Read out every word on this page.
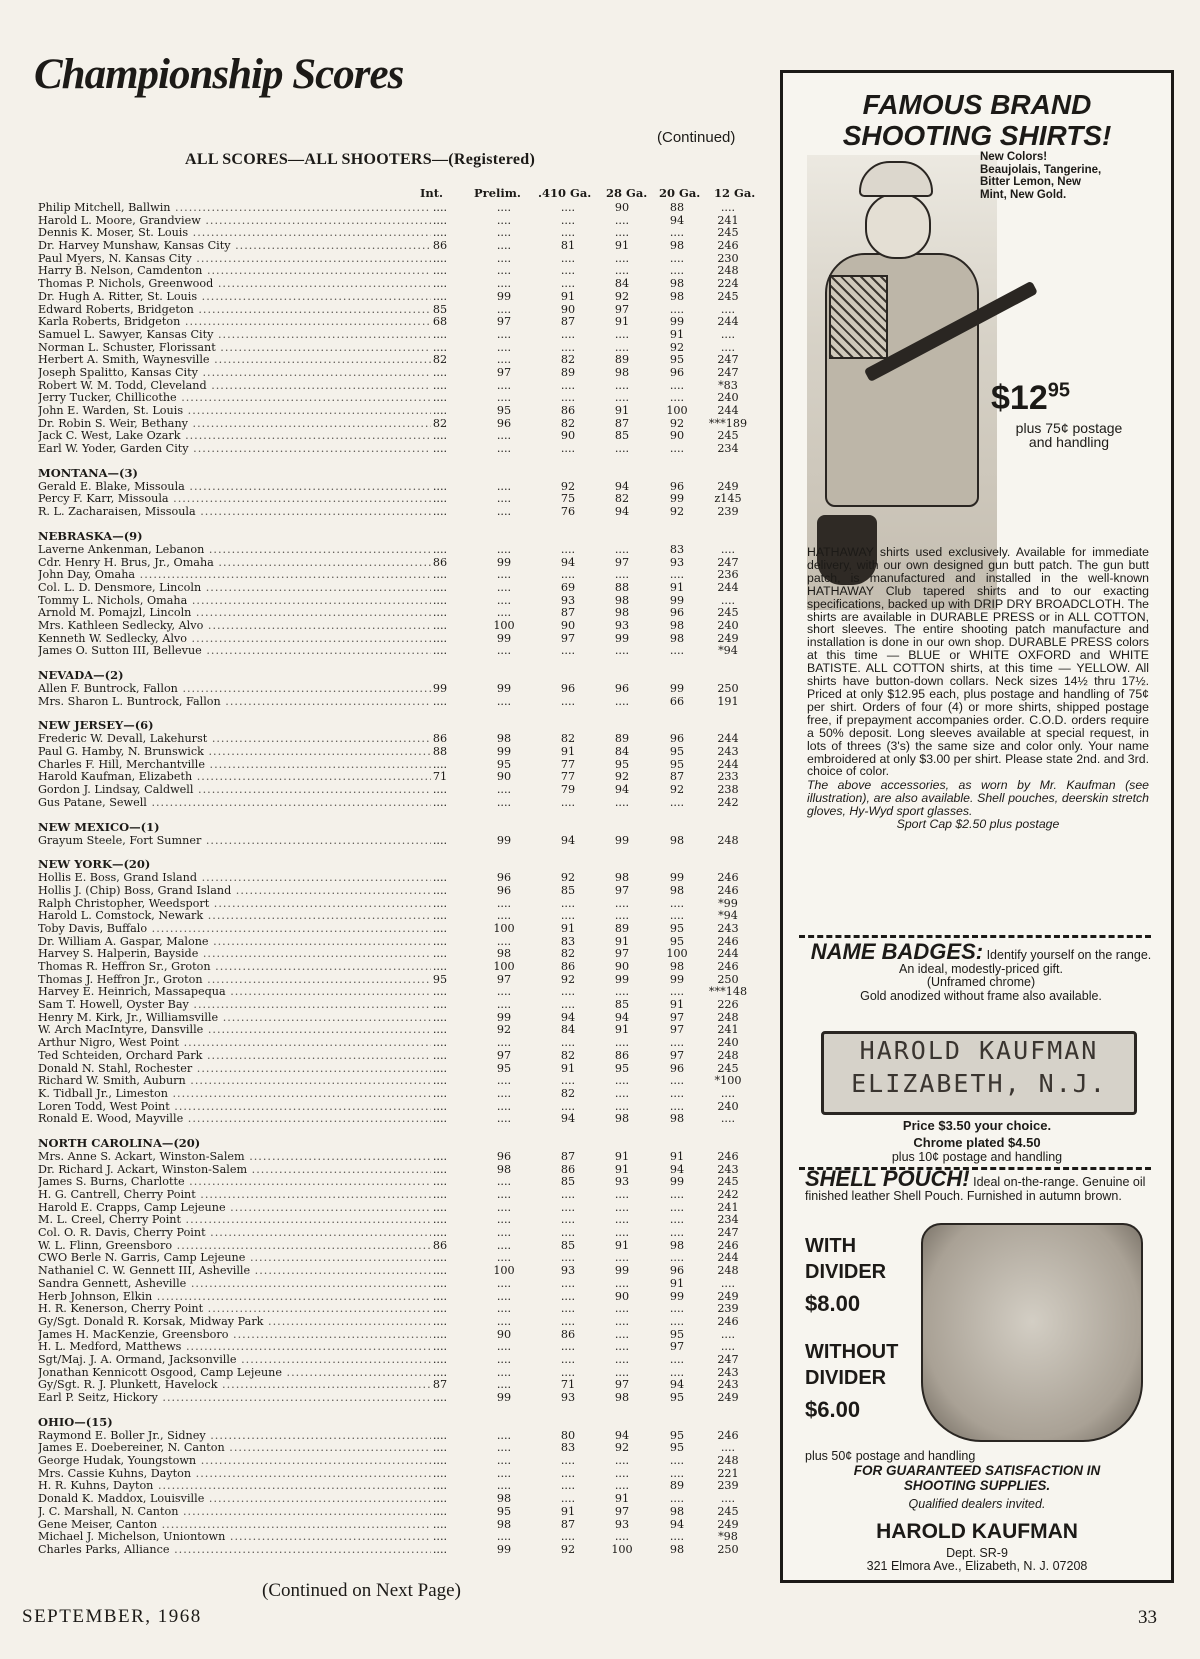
Championship Scores
(Continued)
ALL SCORES—ALL SHOOTERS—(Registered)
Int.	Prelim. .410 Ga. 28 Ga. 20 Ga. 12 Ga.
Philip Mitchell, Ballwin .....	....	....	....	90	88	....
Harold L. Moore, Grandview .....	....	....	....	....	94	241
Dennis K. Moser, St. Louis .....	....	....	....	....	....	245
Dr. Harvey Munshaw, Kansas City .....	86	....	81	91	98	246
Paul Myers, N. Kansas City .....	....	....	....	....	....	230
Harry B. Nelson, Camdenton .....	....	....	....	....	....	248
Thomas P. Nichols, Greenwood .....	....	....	....	84	98	224
Dr. Hugh A. Ritter, St. Louis .....	....	99	91	92	98	245
Edward Roberts, Bridgeton .....	85	....	90	97	....	....
Karla Roberts, Bridgeton .....	68	97	87	91	99	244
Samuel L. Sawyer, Kansas City .....	....	....	....	....	91	....
Norman L. Schuster, Florissant .....	....	....	....	....	92	....
Herbert A. Smith, Waynesville .....	82	....	82	89	95	247
Joseph Spalitto, Kansas City .....	....	97	89	98	96	247
Robert W. M. Todd, Cleveland .....	....	....	....	....	....	*83
Jerry Tucker, Chillicothe .....	....	....	....	....	....	240
John E. Warden, St. Louis .....	....	95	86	91	100	244
Dr. Robin S. Weir, Bethany .....	82	96	82	87	92	***189
Jack C. West, Lake Ozark .....	....	....	90	85	90	245
Earl W. Yoder, Garden City .....	....	....	....	....	....	234
MONTANA—(3)
Gerald E. Blake, Missoula .....	....	....	92	94	96	249
Percy F. Karr, Missoula .....	....	....	75	82	99	z145
R. L. Zacharaisen, Missoula .....	....	....	76	94	92	239
NEBRASKA—(9)
Laverne Ankenman, Lebanon .....	....	....	....	....	83	....
Cdr. Henry H. Brus, Jr., Omaha .....	86	99	94	97	93	247
John Day, Omaha .....	....	....	....	....	....	236
Col. L. D. Densmore, Lincoln .....	....	....	69	88	91	244
Tommy L. Nichols, Omaha .....	....	....	93	98	99	....
Arnold M. Pomajzl, Lincoln .....	....	....	87	98	96	245
Mrs. Kathleen Sedlecky, Alvo .....	....	100	90	93	98	240
Kenneth W. Sedlecky, Alvo .....	....	99	97	99	98	249
James O. Sutton III, Bellevue .....	....	....	....	....	....	*94
NEVADA—(2)
Allen F. Buntrock, Fallon .....	99	99	96	96	99	250
Mrs. Sharon L. Buntrock, Fallon .....	....	....	....	....	66	191
NEW JERSEY—(6)
Frederic W. Devall, Lakehurst .....	86	98	82	89	96	244
Paul G. Hamby, N. Brunswick .....	88	99	91	84	95	243
Charles F. Hill, Merchantville .....	....	95	77	95	95	244
Harold Kaufman, Elizabeth .....	71	90	77	92	87	233
Gordon J. Lindsay, Caldwell .....	....	....	79	94	92	238
Gus Patane, Sewell .....	....	....	....	....	....	242
NEW MEXICO—(1)
Grayum Steele, Fort Sumner .....	....	99	94	99	98	248
NEW YORK—(20)
Hollis E. Boss, Grand Island .....	....	96	92	98	99	246
Hollis J. (Chip) Boss, Grand Island .....	....	96	85	97	98	246
Ralph Christopher, Weedsport .....	....	....	....	....	....	*99
Harold L. Comstock, Newark .....	....	....	....	....	....	*94
Toby Davis, Buffalo .....	....	100	91	89	95	243
Dr. William A. Gaspar, Malone .....	....	....	83	91	95	246
Harvey S. Halperin, Bayside .....	....	98	82	97	100	244
Thomas R. Heffron Sr., Groton .....	....	100	86	90	98	246
Thomas J. Heffron Jr., Groton .....	95	97	92	99	99	250
Harvey E. Heinrich, Massapequa .....	....	....	....	....	....	***148
Sam T. Howell, Oyster Bay .....	....	....	....	85	91	226
Henry M. Kirk, Jr., Williamsville .....	....	99	94	94	97	248
W. Arch MacIntyre, Dansville .....	....	92	84	91	97	241
Arthur Nigro, West Point .....	....	....	....	....	....	240
Ted Schteiden, Orchard Park .....	....	97	82	86	97	248
Donald N. Stahl, Rochester .....	....	95	91	95	96	245
Richard W. Smith, Auburn .....	....	....	....	....	....	*100
K. Tidball Jr., Limeston .....	....	....	82	....	....	....
Loren Todd, West Point .....	....	....	....	....	....	240
Ronald E. Wood, Mayville .....	....	....	94	98	98	....
NORTH CAROLINA—(20)
Mrs. Anne S. Ackart, Winston-Salem .....	....	96	87	91	91	246
Dr. Richard J. Ackart, Winston-Salem .....	....	98	86	91	94	243
James S. Burns, Charlotte .....	....	....	85	93	99	245
H. G. Cantrell, Cherry Point .....	....	....	....	....	....	242
Harold E. Crapps, Camp Lejeune .....	....	....	....	....	....	241
M. L. Creel, Cherry Point .....	....	....	....	....	....	234
Col. O. R. Davis, Cherry Point .....	....	....	....	....	....	247
W. L. Flinn, Greensboro .....	86	....	85	91	98	246
CWO Berle N. Garris, Camp Lejeune .....	....	....	....	....	....	244
Nathaniel C. W. Gennett III, Asheville .....	....	100	93	99	96	248
Sandra Gennett, Asheville .....	....	....	....	....	91	....
Herb Johnson, Elkin .....	....	....	....	90	99	249
H. R. Kenerson, Cherry Point .....	....	....	....	....	....	239
Gy/Sgt. Donald R. Korsak, Midway Park .....	....	....	....	....	....	246
James H. MacKenzie, Greensboro .....	....	90	86	....	95	....
H. L. Medford, Matthews .....	....	....	....	....	97	....
Sgt/Maj. J. A. Ormand, Jacksonville .....	....	....	....	....	....	247
Jonathan Kennicott Osgood, Camp Lejeune .....	....	....	....	....	....	243
Gy/Sgt. R. J. Plunkett, Havelock .....	87	....	71	97	94	243
Earl P. Seitz, Hickory .....	....	99	93	98	95	249
OHIO—(15)
Raymond E. Boller Jr., Sidney .....	....	....	80	94	95	246
James E. Doebereiner, N. Canton .....	....	....	83	92	95	....
George Hudak, Youngstown .....	....	....	....	....	....	248
Mrs. Cassie Kuhns, Dayton .....	....	....	....	....	....	221
H. R. Kuhns, Dayton .....	....	....	....	....	89	239
Donald K. Maddox, Louisville .....	....	98	....	91	....	....
J. C. Marshall, N. Canton .....	....	95	91	97	98	245
Gene Meiser, Canton .....	....	98	87	93	94	249
Michael J. Michelson, Uniontown .....	....	....	....	....	....	*98
Charles Parks, Alliance .....	....	99	92	100	98	250
(Continued on Next Page)
SEPTEMBER, 1968	33
FAMOUS BRAND
SHOOTING SHIRTS!
New Colors!
Beaujolais, Tangerine,
Bitter Lemon, New
Mint, New Gold.
$\$12^{95}$
plus 75¢ postage
and handling
HATHAWAY shirts used exclusively. Available for immediate delivery, with our own designed gun butt patch. The gun butt patch, is manufactured and installed in the well-known HATHAWAY Club tapered shirts and to our exacting specifications, backed up with DRIP DRY BROADCLOTH. The shirts are available in DURABLE PRESS or in ALL COTTON, short sleeves. The entire shooting patch manufacture and installation is done in our own shop. DURABLE PRESS colors at this time — BLUE or WHITE OXFORD and WHITE BATISTE. ALL COTTON shirts, at this time — YELLOW. All shirts have button-down collars. Neck sizes 14½ thru 17½. Priced at only $12.95 each, plus postage and handling of 75¢ per shirt. Orders of four (4) or more shirts, shipped postage free, if prepayment accompanies order. C.O.D. orders require a 50% deposit. Long sleeves available at special request, in lots of threes (3's) the same size and color only. Your name embroidered at only $3.00 per shirt. Please state 2nd. and 3rd. choice of color.
The above accessories, as worn by Mr. Kaufman (see illustration), are also available. Shell pouches, deerskin stretch gloves, Hy-Wyd sport glasses.
Sport Cap $2.50 plus postage
NAME BADGES: Identify yourself on the range. An ideal, modestly-priced gift.
(Unframed chrome)
Gold anodized without frame also available.
HAROLD KAUFMAN
ELIZABETH, N.J.
Price $3.50 your choice.
Chrome plated $4.50
plus 10¢ postage and handling
SHELL POUCH! Ideal on-the-range. Genuine oil finished leather Shell Pouch. Furnished in autumn brown.
WITH
DIVIDER
$8.00
WITHOUT
DIVIDER
$6.00
plus 50¢ postage and handling
FOR GUARANTEED SATISFACTION IN
SHOOTING SUPPLIES.
Qualified dealers invited.
HAROLD KAUFMAN
Dept. SR-9
321 Elmora Ave., Elizabeth, N. J. 07208
